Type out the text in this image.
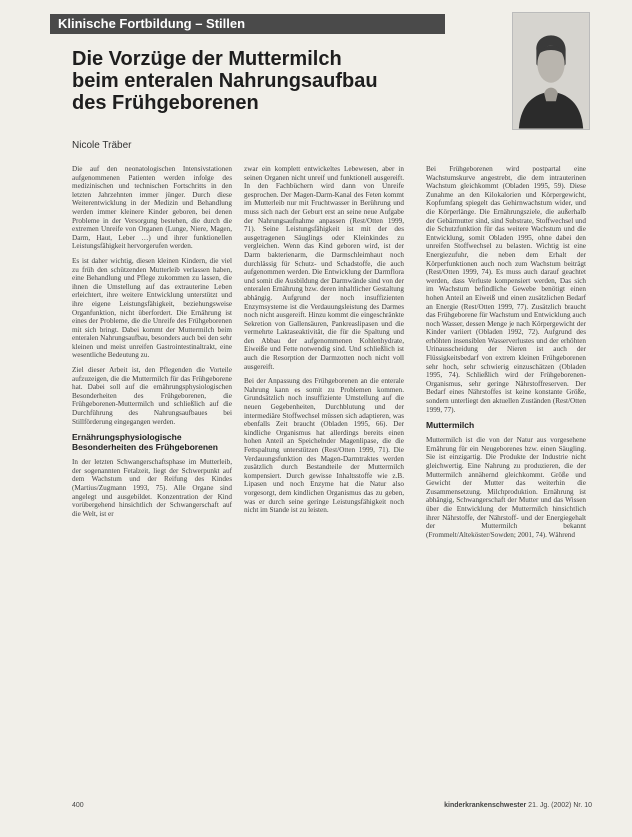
Klinische Fortbildung – Stillen
Die Vorzüge der Muttermilch
beim enteralen Nahrungsaufbau
des Frühgeborenen
Nicole Träber

Die auf den neonatologischen Intensivstationen aufgenommenen Patienten werden infolge des medizinischen und technischen Fortschritts in den letzten Jahrzehnten immer jünger. Durch diese Weiterentwicklung in der Medizin und Behandlung werden immer kleinere Kinder geboren, bei denen Probleme in der Versorgung bestehen, die durch die extremen Unreife von Organen (Lunge, Niere, Magen, Darm, Haut, Leber …) und ihrer funktionellen Leistungsfähigkeit hervorgerufen werden.

Es ist daher wichtig, diesen kleinen Kindern, die viel zu früh den schützenden Mutterleib verlassen haben, eine Behandlung und Pflege zukommen zu lassen, die ihnen die Umstellung auf das extrauterine Leben erleichtert, ihre weitere Entwicklung unterstützt und ihre eigene Leistungsfähigkeit, beziehungsweise Organfunktion, nicht überfordert. Die Ernährung ist eines der Probleme, die die Unreife des Frühgeborenen mit sich bringt. Dabei kommt der Muttermilch beim enteralen Nahrungsaufbau, besonders auch bei den sehr kleinen und meist unreifen Gastrointestinaltrakt, eine wesentliche Bedeutung zu.

Ziel dieser Arbeit ist, den Pflegenden die Vorteile aufzuzeigen, die die Muttermilch für das Frühgeborene hat. Dabei soll auf die ernährungsphysiologischen Besonderheiten des Frühgeborenen, die Frühgeborenen-Muttermilch und schließlich auf die Durchführung des Nahrungsaufbaues bei Stillförderung eingegangen werden.

Ernährungsphysiologische Besonderheiten des Frühgeborenen

In der letzten Schwangerschaftsphase im Mutterleib, der sogenannten Fetalzeit, liegt der Schwerpunkt auf dem Wachstum und der Reifung des Kindes (Martius/Zugmann 1993, 75). Alle Organe sind angelegt und ausgebildet. Konzentration der Kind vorübergehend hinsichtlich der Schwangerschaft auf die Welt, ist er

zwar ein komplett entwickeltes Lebewesen, aber in seinen Organen nicht unreif und funktionell ausgereift. In den Fachbüchern wird dann von Unreife gesprochen. Der Magen-Darm-Kanal des Feten kommt im Mutterleib nur mit Fruchtwasser in Berührung und muss sich nach der Geburt erst an seine neue Aufgabe der Nahrungsaufnahme anpassen (Rest/Otten 1999, 71). Seine Leistungsfähigkeit ist mit der des ausgetragenen Säuglings oder Kleinkindes zu vergleichen. Wenn das Kind geboren wird, ist der Darm bakterienarm, die Darmschleimhaut noch durchlässig für Schutz- und Schadstoffe, die auch aufgenommen werden. Die Entwicklung der Darmflora und somit die Ausbildung der Darmwände sind von der enteralen Ernährung bzw. deren inhaltlicher Gestaltung abhängig. Aufgrund der noch insuffizienten Enzymsysteme ist die Verdauungsleistung des Darmes noch nicht ausgereift. Hinzu kommt die eingeschränkte Sekretion von Gallensäuren, Pankreaslipasen und die vermehrte Laktaseaktivität, die für die Spaltung und den Abbau der aufgenommenen Kohlenhydrate, Eiweiße und Fette notwendig sind. Und schließlich ist auch die Resorption der Darmzotten noch nicht voll ausgereift.

Bei der Anpassung des Frühgeborenen an die enterale Nahrung kann es somit zu Problemen kommen. Grundsätzlich noch insuffiziente Umstellung auf die neuen Gegebenheiten, Durchblutung und der intermediäre Stoffwechsel müssen sich adaptieren, was ebenfalls Zeit braucht (Obladen 1995, 66). Der kindliche Organismus hat allerdings bereits einen hohen Anteil an Speichelnder Magenlipase, die die Fettspaltung unterstützen (Rest/Otten 1999, 71). Die Verdauungsfunktion des Magen-Darmtraktes werden zusätzlich durch Bestandteile der Muttermilch kompensiert. Durch gewisse Inhaltsstoffe wie z.B. Lipasen und noch Enzyme hat die Natur also vorgesorgt, dem kindlichen Organismus das zu geben, was er durch seine geringe Leistungsfähigkeit noch nicht im Stande ist zu leisten.

Bei Frühgeborenen wird postpartal eine Wachstumskurve angestrebt, die dem intrauterinen Wachstum gleichkommt (Obladen 1995, 59). Diese Zunahme an den Kilokalorien und Körpergewicht, Kopfumfang spiegelt das Gehirnwachstum wider, und die Körperlänge. Die Ernährungsziele, die außerhalb der Gebärmutter sind, sind Substrate, Stoffwechsel und die Schutzfunktion für das weitere Wachstum und die Entwicklung, somit Obladen 1995, ohne dabei den unreifen Stoffwechsel zu belasten. Wichtig ist eine Energiezufuhr, die neben dem Erhalt der Körperfunktionen auch noch zum Wachstum beiträgt (Rest/Otten 1999, 74). Es muss auch darauf geachtet werden, dass Verluste kompensiert werden, Das sich im Wachstum befindliche Gewebe benötigt einen hohen Anteil an Eiweiß und einen zusätzlichen Bedarf an Energie (Rest/Otten 1999, 77). Zusätzlich braucht das Frühgeborene für Wachstum und Entwicklung auch noch Wasser, dessen Menge je nach Körpergewicht der Kinder variiert (Obladen 1992, 72). Aufgrund des erhöhten insensiblen Wasserverlustes und der erhöhten Urinausscheidung der Nieren ist auch der Flüssigkeitsbedarf von extrem kleinen Frühgeborenen sehr hoch, sehr schwierig einzuschätzen (Obladen 1995, 74). Schließlich wird der Frühgeborenen-Organismus, sehr geringe Nährstoffreserven. Der Bedarf eines Nährstoffes ist keine konstante Größe, sondern unterliegt den aktuellen Zuständen (Rest/Otten 1999, 77).

Muttermilch

Muttermilch ist die von der Natur aus vorgesehene Ernährung für ein Neugeborenes bzw. einen Säugling. Sie ist einzigartig. Die Produkte der Industrie nicht gleichwertig. Eine Nahrung zu produzieren, die der Muttermilch annähernd gleichkommt. Größe und Gewicht der Mutter das weiterhin die Zusammensetzung. Milchproduktion. Ernährung ist abhängig, Schwangerschaft der Mutter und das Wissen über die Entwicklung der Muttermilch hinsichtlich ihrer Nährstoffe, der Nährstoff- und der Energiegehalt der Muttermilch bekannt (Frommelt/Alteköster/Sowden; 2001, 74). Während

400	kinderkrankenschwester 21. Jg. (2002) Nr. 10
